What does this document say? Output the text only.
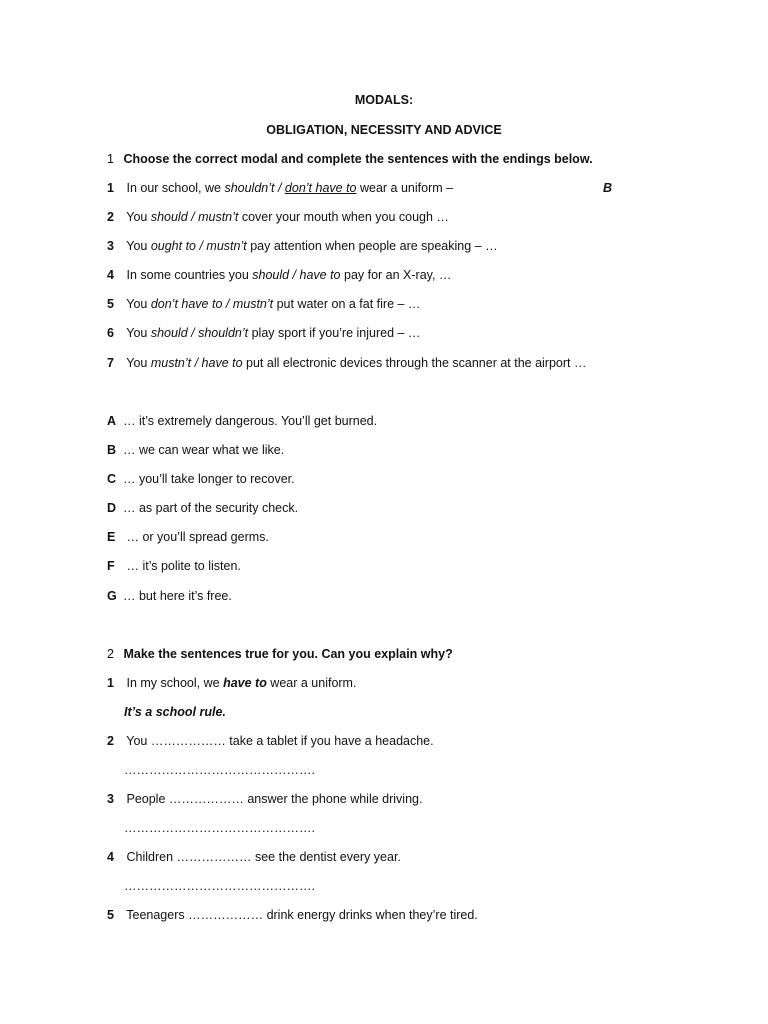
MODALS:
OBLIGATION, NECESSITY AND ADVICE
1 Choose the correct modal and complete the sentences with the endings below.
1 In our school, we shouldn’t / don’t have to wear a uniform –	B
2 You should / mustn’t cover your mouth when you cough …
3 You ought to / mustn’t pay attention when people are speaking – …
4 In some countries you should / have to pay for an X-ray, …
5 You don’t have to / mustn’t put water on a fat fire – …
6 You should / shouldn’t play sport if you’re injured – …
7 You mustn’t / have to put all electronic devices through the scanner at the airport …
A … it’s extremely dangerous. You’ll get burned.
B … we can wear what we like.
C … you’ll take longer to recover.
D … as part of the security check.
E … or you’ll spread germs.
F … it’s polite to listen.
G … but here it’s free.
2 Make the sentences true for you. Can you explain why?
1 In my school, we have to wear a uniform.
It’s a school rule.
2 You ……………… take a tablet if you have a headache.
……………………………………….
3 People ……………… answer the phone while driving.
……………………………………….
4 Children ……………… see the dentist every year.
……………………………………….
5 Teenagers ……………… drink energy drinks when they’re tired.
